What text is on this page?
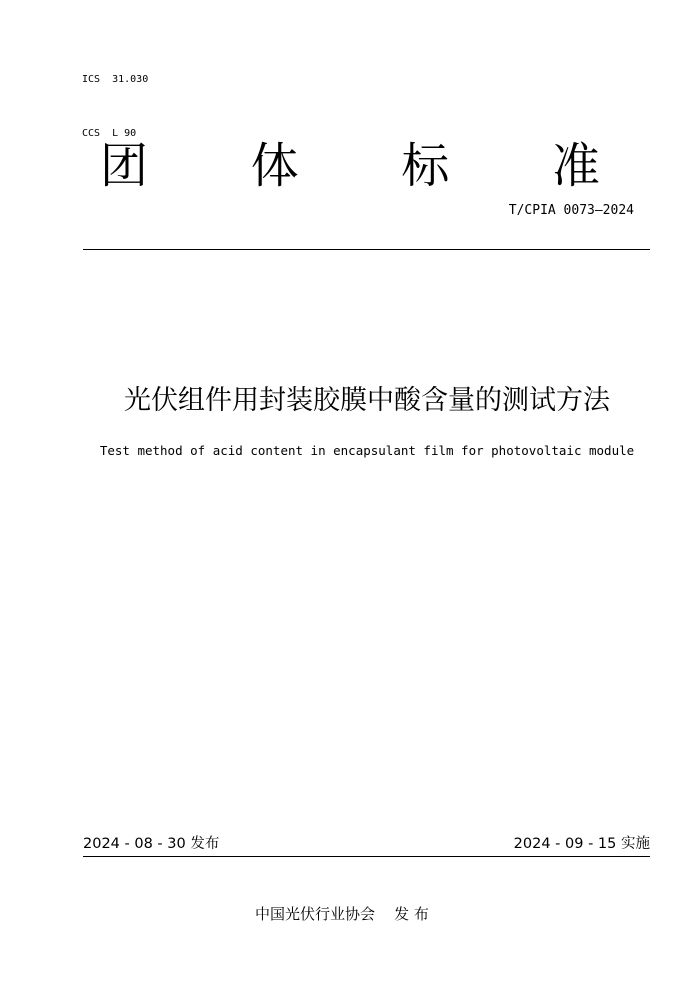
ICS  31.030

CCS  L 90

团 体 标 准
T/CPIA 0073—2024
光伏组件用封装胶膜中酸含量的测试方法
Test method of acid content in encapsulant film for photovoltaic module
2024 - 08 - 30 发布	2024 - 09 - 15 实施
中国光伏行业协会    发 布
